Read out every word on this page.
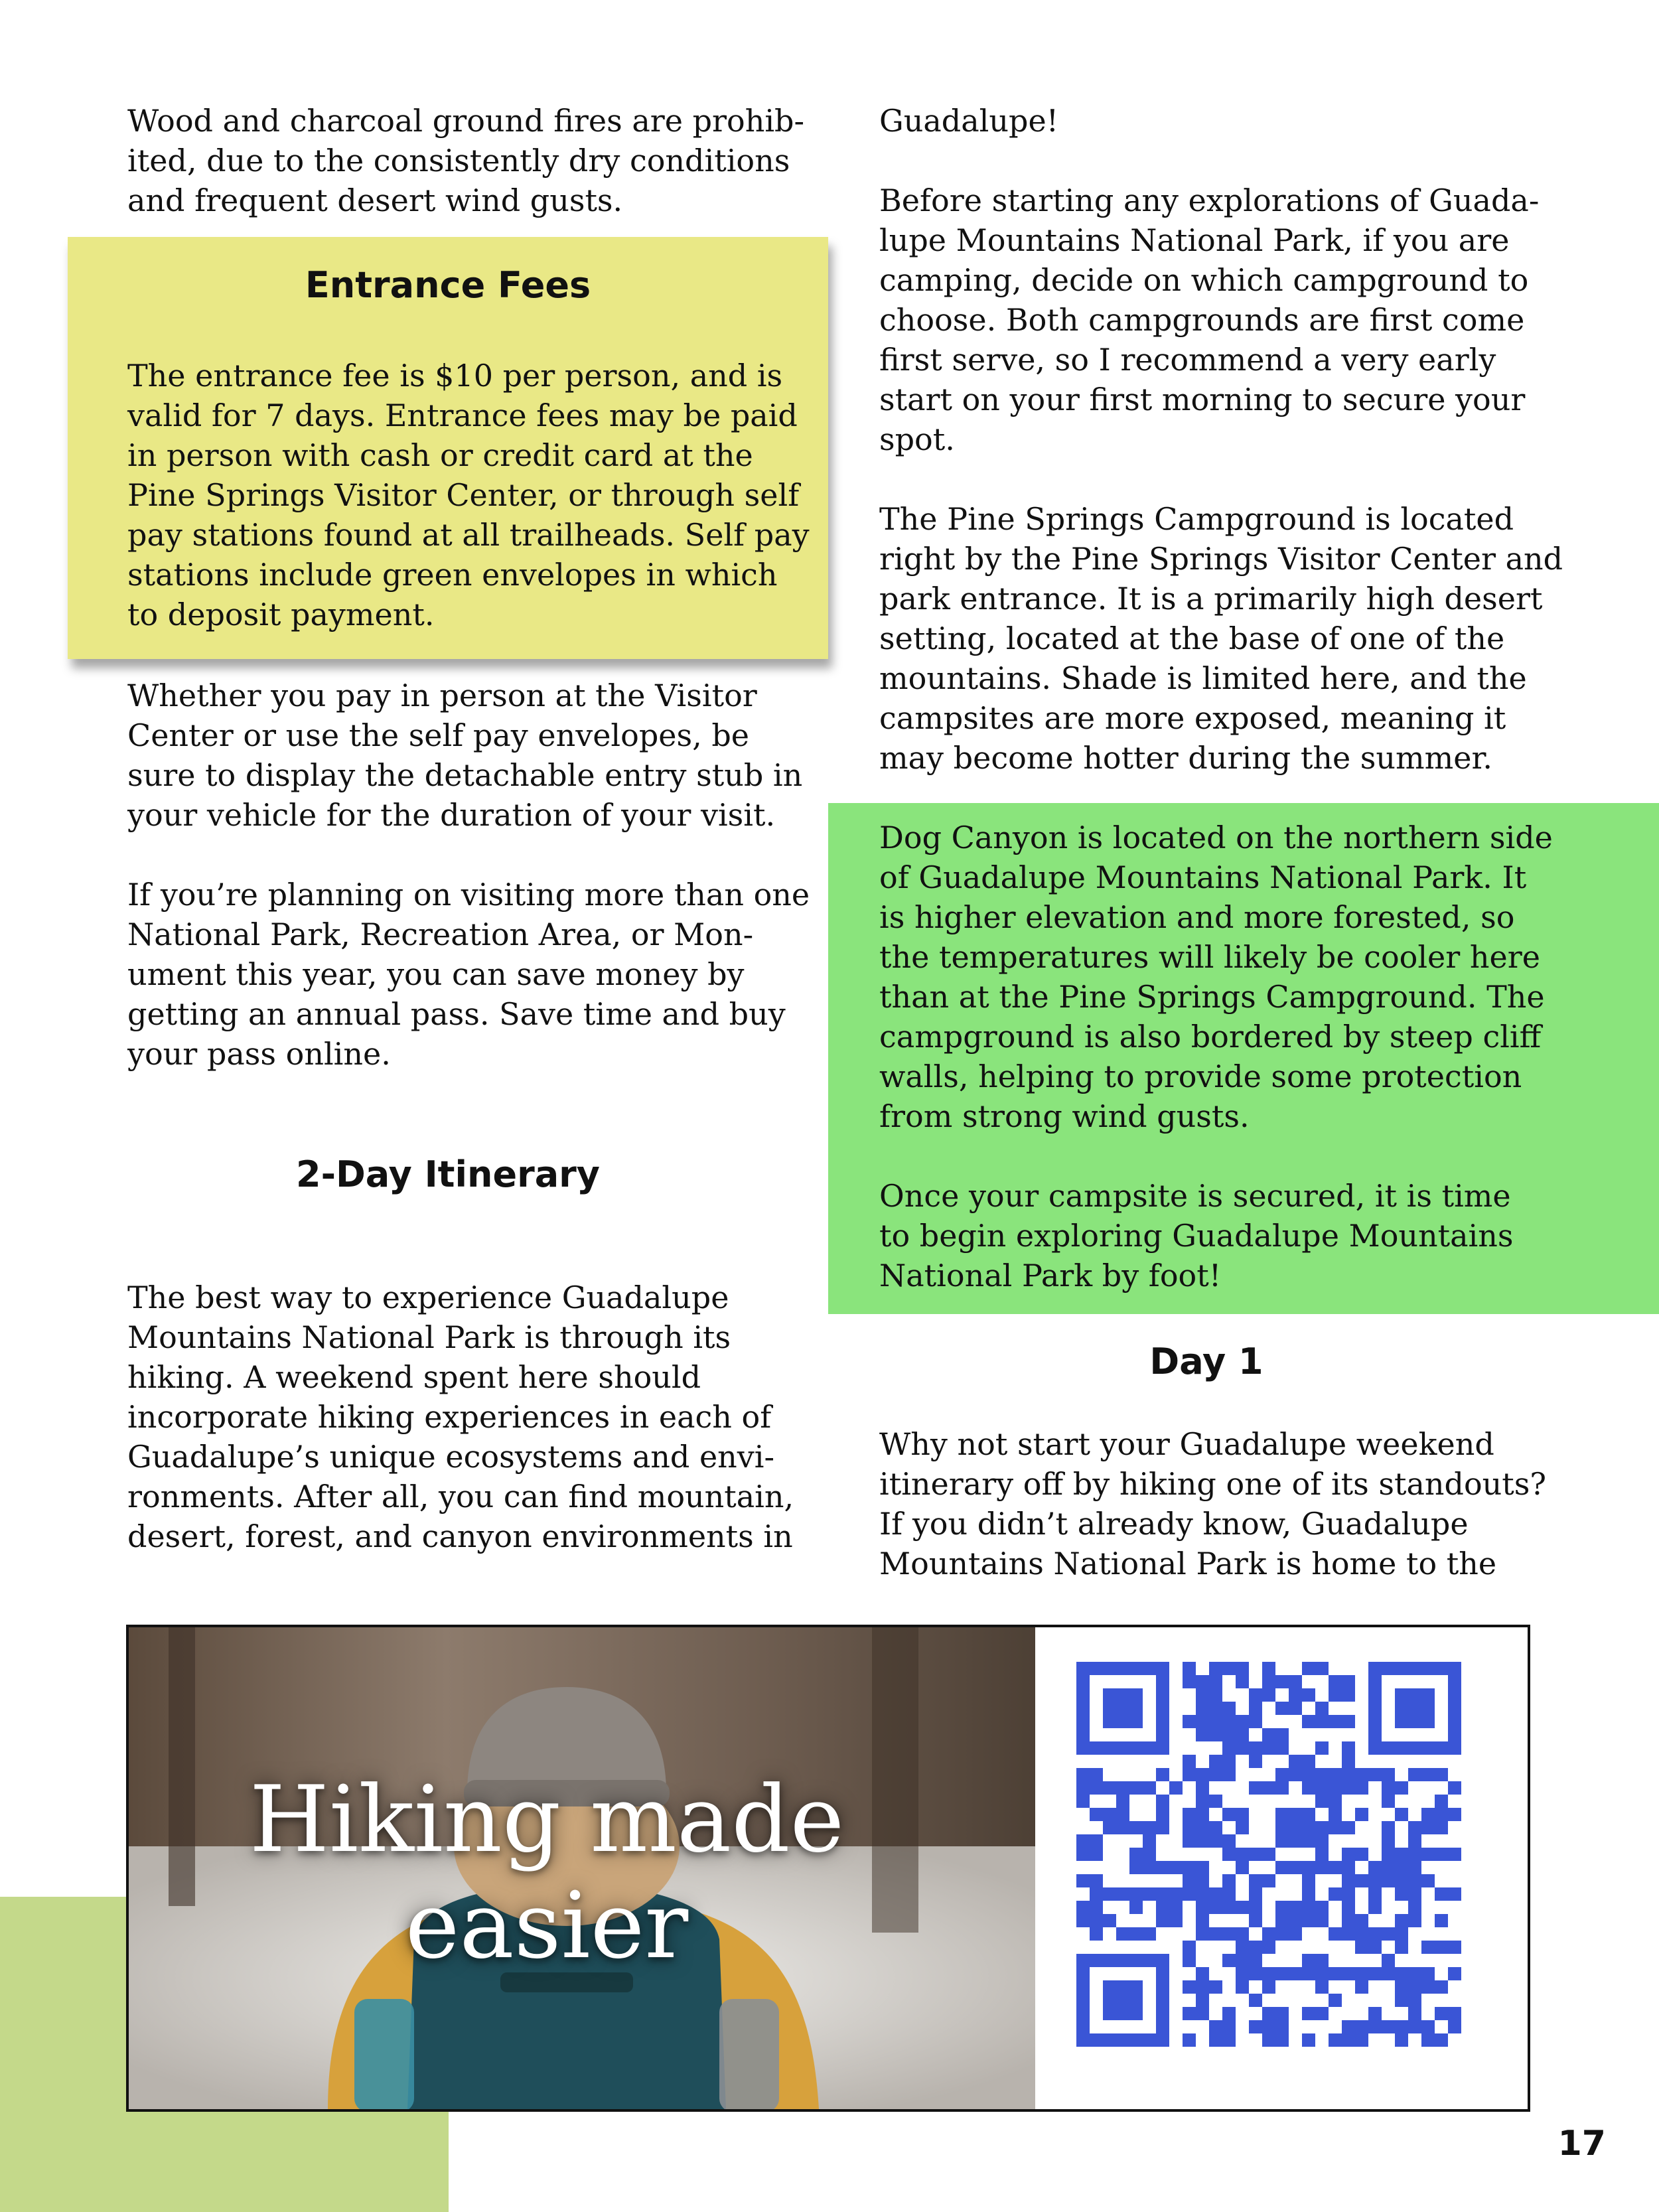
Wood and charcoal ground fires are prohib-
ited, due to the consistently dry conditions
and frequent desert wind gusts.
Entrance Fees
The entrance fee is $10 per person, and is
valid for 7 days. Entrance fees may be paid
in person with cash or credit card at the
Pine Springs Visitor Center, or through self
pay stations found at all trailheads. Self pay
stations include green envelopes in which
to deposit payment.
Whether you pay in person at the Visitor
Center or use the self pay envelopes, be
sure to display the detachable entry stub in
your vehicle for the duration of your visit.
If you’re planning on visiting more than one
National Park, Recreation Area, or Mon-
ument this year, you can save money by
getting an annual pass. Save time and buy
your pass online.
2-Day Itinerary
The best way to experience Guadalupe
Mountains National Park is through its
hiking. A weekend spent here should
incorporate hiking experiences in each of
Guadalupe’s unique ecosystems and envi-
ronments. After all, you can find mountain,
desert, forest, and canyon environments in
Guadalupe!
Before starting any explorations of Guada-
lupe Mountains National Park, if you are
camping, decide on which campground to
choose. Both campgrounds are first come
first serve, so I recommend a very early
start on your first morning to secure your
spot.
The Pine Springs Campground is located
right by the Pine Springs Visitor Center and
park entrance. It is a primarily high desert
setting, located at the base of one of the
mountains. Shade is limited here, and the
campsites are more exposed, meaning it
may become hotter during the summer.
Dog Canyon is located on the northern side
of Guadalupe Mountains National Park. It
is higher elevation and more forested, so
the temperatures will likely be cooler here
than at the Pine Springs Campground. The
campground is also bordered by steep cliff
walls, helping to provide some protection
from strong wind gusts.
Once your campsite is secured, it is time
to begin exploring Guadalupe Mountains
National Park by foot!
Day 1
Why not start your Guadalupe weekend
itinerary off by hiking one of its standouts?
If you didn’t already know, Guadalupe
Mountains National Park is home to the
Hiking made
easier
17
